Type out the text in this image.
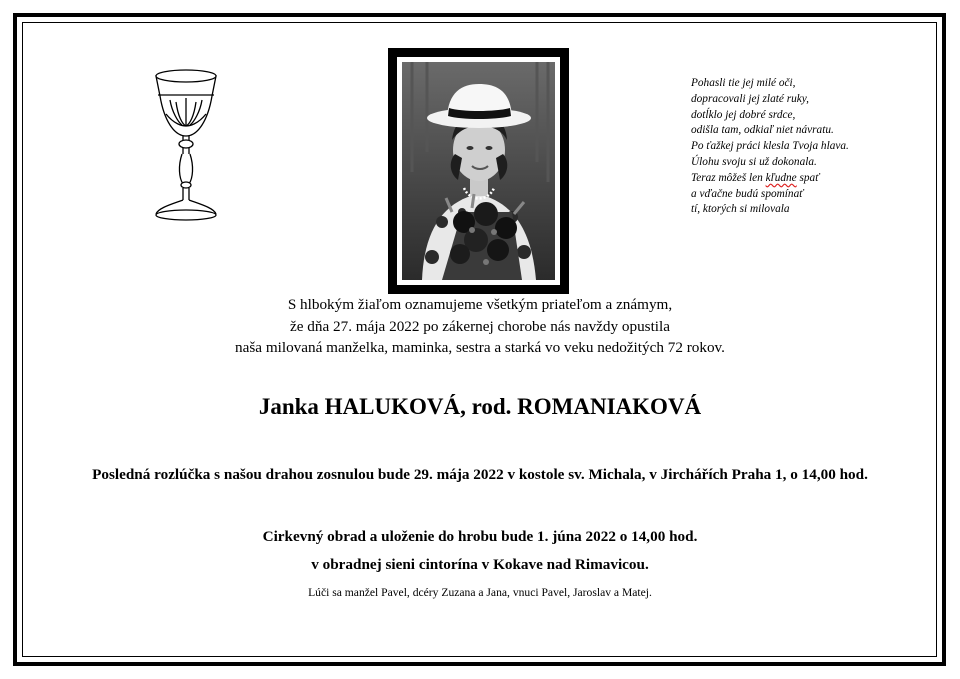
Pohasli tie jej milé oči,
dopracovali jej zlaté ruky,
dotĺklo jej dobré srdce,
odišla tam, odkiaľ niet návratu.
Po ťažkej práci klesla Tvoja hlava.
Úlohu svoju si už dokonala.
Teraz môžeš len kľudne spať
a vďačne budú spomínať
tí, ktorých si milovala
S hlbokým žiaľom oznamujeme všetkým priateľom a známym,
že dňa 27. mája 2022 po zákernej chorobe nás navždy opustila
naša milovaná manželka, maminka, sestra a starká vo veku nedožitých 72 rokov.
Janka HALUKOVÁ, rod. ROMANIAKOVÁ
Posledná rozlúčka s našou drahou zosnulou bude 29. mája 2022 v kostole sv. Michala, v Jirchářích Praha 1, o 14,00 hod.
Cirkevný obrad a uloženie do hrobu bude 1. júna 2022 o 14,00 hod.
v obradnej sieni cintorína v Kokave nad Rimavicou.
Lúči sa manžel Pavel, dcéry Zuzana a Jana, vnuci Pavel, Jaroslav a Matej.
